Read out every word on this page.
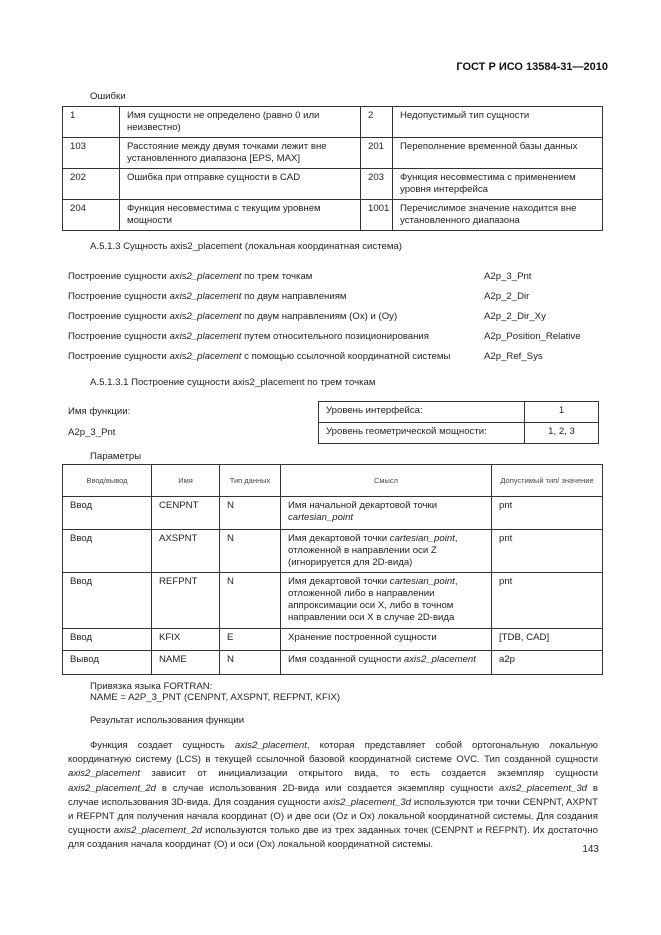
ГОСТ Р ИСО 13584-31—2010
Ошибки
1	Имя сущности не определено (равно 0 или неизвестно)	2	Недопустимый тип сущности
103	Расстояние между двумя точками лежит вне установленного диапазона [EPS, MAX]	201	Переполнение временной базы данных
202	Ошибка при отправке сущности в CAD	203	Функция несовместима с применением уровня интерфейса
204	Функция несовместима с текущим уровнем мощности	1001	Перечислимое значение находится вне установленного диапазона
А.5.1.3 Сущность axis2_placement (локальная координатная система)
Построение сущности axis2_placement по трем точкам	A2p_3_Pnt
Построение сущности axis2_placement по двум направлениям	A2p_2_Dir
Построение сущности axis2_placement по двум направлениям (Ox) и (Oy)	A2p_2_Dir_Xy
Построение сущности axis2_placement путем относительного позиционирования	A2p_Position_Relative
Построение сущности axis2_placement с помощью ссылочной координатной системы	A2p_Ref_Sys
А.5.1.3.1 Построение сущности axis2_placement по трем точкам
Имя функции:
A2p_3_Pnt
Уровень интерфейса:	1
Уровень геометрической мощности:	1, 2, 3
Параметры
Ввод/вывод	Имя	Тип данных	Смысл	Допустимый тип/ значение
Ввод	CENPNT	N	Имя начальной декартовой точки cartesian_point	pnt
Ввод	AXSPNT	N	Имя декартовой точки cartesian_point, отложенной в направлении оси Z (игнорируется для 2D-вида)	pnt
Ввод	REFPNT	N	Имя декартовой точки cartesian_point, отложенной либо в направлении аппроксимации оси X, либо в точном направлении оси X в случае 2D-вида	pnt
Ввод	KFIX	E	Хранение построенной сущности	[TDB, CAD]
Вывод	NAME	N	Имя созданной сущности axis2_placement	a2p
Привязка языка FORTRAN:
NAME = A2P_3_PNT (CENPNT, AXSPNT, REFPNT, KFIX)
Результат использования функции
Функция создает сущность axis2_placement, которая представляет собой ортогональную локальную координатную систему (LCS) в текущей ссылочной базовой координатной системе OVC. Тип созданной сущности axis2_placement зависит от инициализации открытого вида, то есть создается экземпляр сущности axis2_placement_2d в случае использования 2D-вида или создается экземпляр сущности axis2_placement_3d в случае использования 3D-вида. Для создания сущности axis2_placement_3d используются три точки CENPNT, AXPNT и REFPNT для получения начала координат (O) и две оси (Oz и Ox) локальной координатной системы. Для создания сущности axis2_placement_2d используются только две из трех заданных точек (CENPNT и REFPNT). Их достаточно для создания начала координат (O) и оси (Ox) локальной координатной системы.	143
